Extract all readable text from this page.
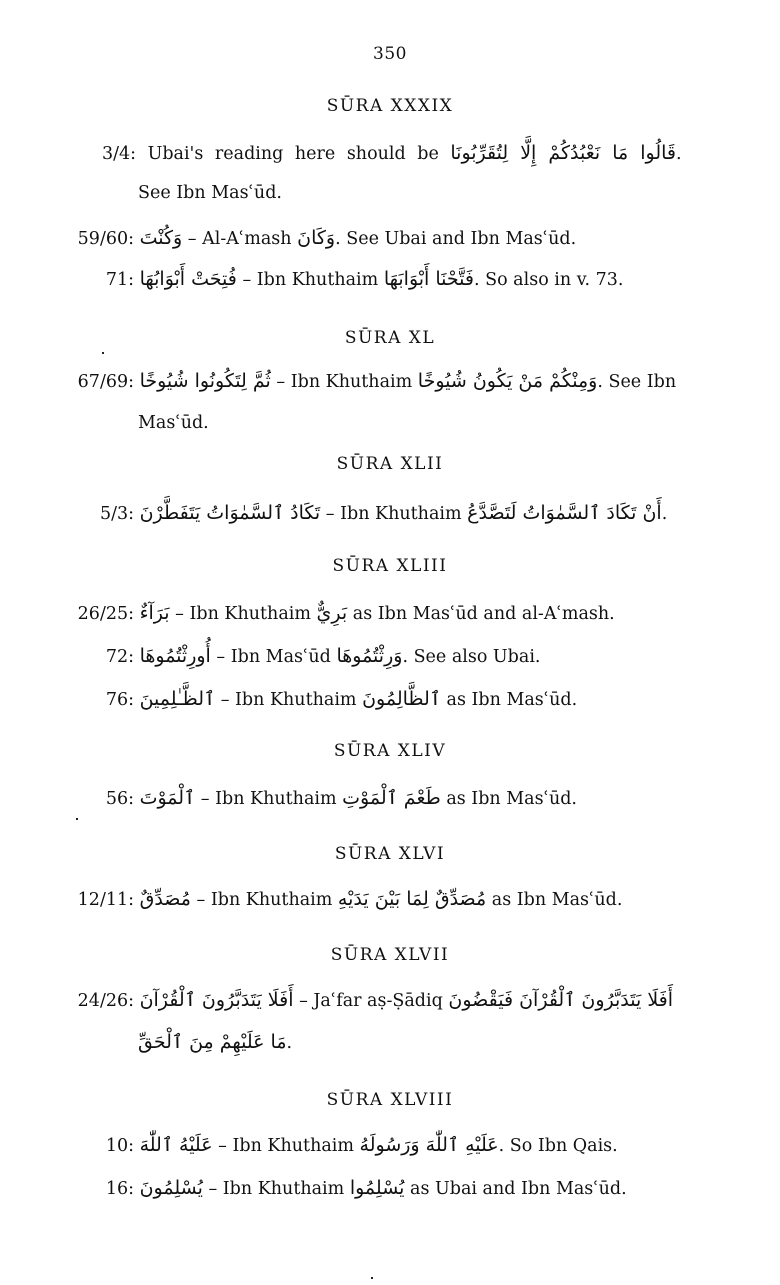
350
SŪRA XXXIX
3/4: Ubai's reading here should be قَالُوا مَا نَعْبُدُكُمْ إِلَّا لِتُقَرِّبُونَا.
See Ibn Masʿūd.
59/60: وَكُنْتَ – Al-Aʿmash وَكَانَ. See Ubai and Ibn Masʿūd.
71: فُتِحَتْ أَبْوَابُهَا – Ibn Khuthaim فَتَّحْنَا أَبْوَابَهَا. So also in v. 73.
SŪRA XL
67/69: ثُمَّ لِتَكُونُوا شُيُوخًا – Ibn Khuthaim وَمِنْكُمْ مَنْ يَكُونُ شُيُوخًا. See Ibn
Masʿūd.
SŪRA XLII
5/3: تَكَادُ ٱلسَّمٰوَاتُ يَتَفَطَّرْنَ – Ibn Khuthaim أَنْ تَكَادَ ٱلسَّمٰوَاتُ لَتَصَّدَّعُ.
SŪRA XLIII
26/25: بَرَآءٌ – Ibn Khuthaim بَرِيٌّ as Ibn Masʿūd and al-Aʿmash.
72: أُورِثْتُمُوهَا – Ibn Masʿūd وَرِثْتُمُوهَا. See also Ubai.
76: ٱلظَّـٰلِمِينَ – Ibn Khuthaim ٱلظَّالِمُونَ as Ibn Masʿūd.
SŪRA XLIV
56: ٱلْمَوْتَ – Ibn Khuthaim طَعْمَ ٱلْمَوْتِ as Ibn Masʿūd.
SŪRA XLVI
12/11: مُصَدِّقٌ – Ibn Khuthaim مُصَدِّقٌ لِمَا بَيْنَ يَدَيْهِ as Ibn Masʿūd.
SŪRA XLVII
24/26: أَفَلَا يَتَدَبَّرُونَ ٱلْقُرْآنَ – Jaʿfar aṣ-Ṣādiq أَفَلَا يَتَدَبَّرُونَ ٱلْقُرْآنَ فَيَقْضُونَ
مَا عَلَيْهِمْ مِنَ ٱلْحَقِّ.
SŪRA XLVIII
10: عَلَيْهُ ٱللّٰهَ – Ibn Khuthaim عَلَيْهِ ٱللّٰهَ وَرَسُولَهُ. So Ibn Qais.
16: يُسْلِمُونَ – Ibn Khuthaim يُسْلِمُوا as Ubai and Ibn Masʿūd.
